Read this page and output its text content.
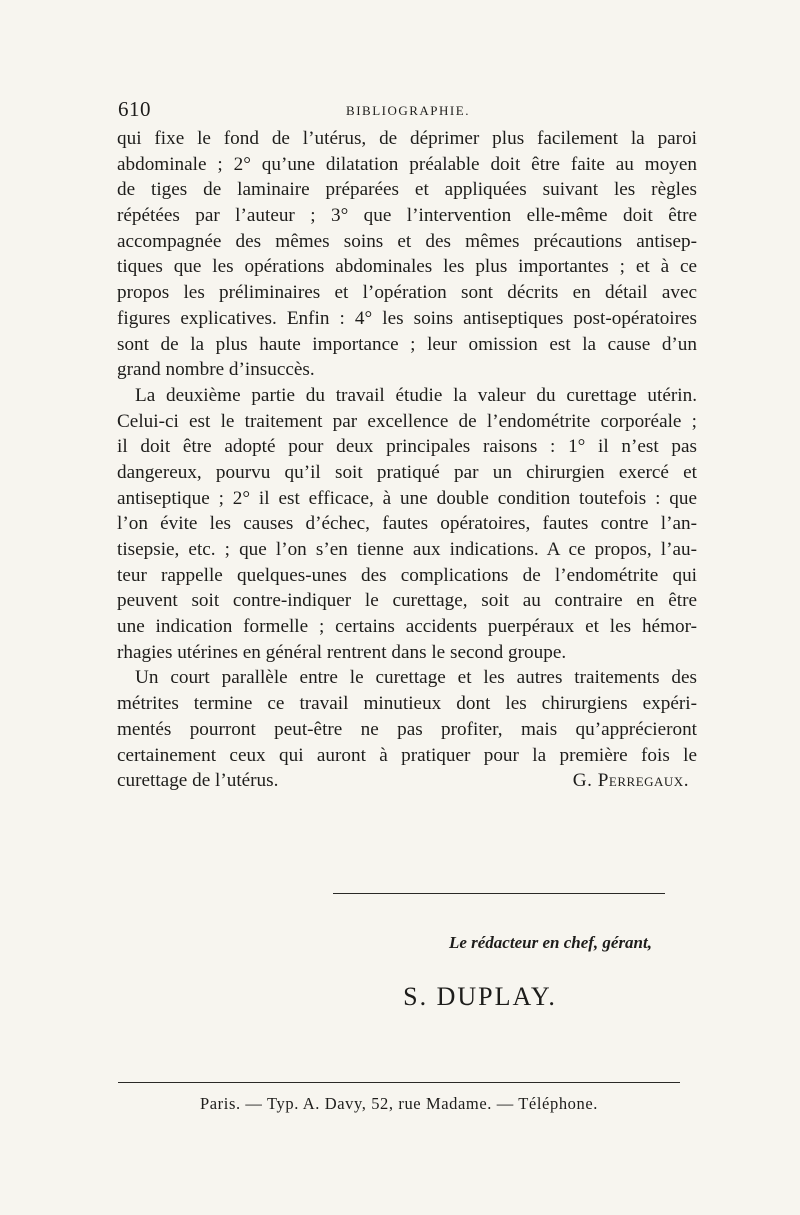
610	BIBLIOGRAPHIE.
qui fixe le fond de l’utérus, de déprimer plus facilement la paroi
abdominale ; 2° qu’une dilatation préalable doit être faite au moyen
de tiges de laminaire préparées et appliquées suivant les règles
répétées par l’auteur ; 3° que l’intervention elle-même doit être
accompagnée des mêmes soins et des mêmes précautions antisep-
tiques que les opérations abdominales les plus importantes ; et à ce
propos les préliminaires et l’opération sont décrits en détail avec
figures explicatives. Enfin : 4° les soins antiseptiques post-opératoires
sont de la plus haute importance ; leur omission est la cause d’un
grand nombre d’insuccès.
La deuxième partie du travail étudie la valeur du curettage utérin.
Celui-ci est le traitement par excellence de l’endométrite corporéale ;
il doit être adopté pour deux principales raisons : 1° il n’est pas
dangereux, pourvu qu’il soit pratiqué par un chirurgien exercé et
antiseptique ; 2° il est efficace, à une double condition toutefois : que
l’on évite les causes d’échec, fautes opératoires, fautes contre l’an-
tisepsie, etc. ; que l’on s’en tienne aux indications. A ce propos, l’au-
teur rappelle quelques-unes des complications de l’endométrite qui
peuvent soit contre-indiquer le curettage, soit au contraire en être
une indication formelle ; certains accidents puerpéraux et les hémor-
rhagies utérines en général rentrent dans le second groupe.
Un court parallèle entre le curettage et les autres traitements des
métrites termine ce travail minutieux dont les chirurgiens expéri-
mentés pourront peut-être ne pas profiter, mais qu’apprécieront
certainement ceux qui auront à pratiquer pour la première fois le
curettage de l’utérus.	G. Perregaux.
Le rédacteur en chef, gérant,
S. DUPLAY.
Paris. — Typ. A. Davy, 52, rue Madame. — Téléphone.
